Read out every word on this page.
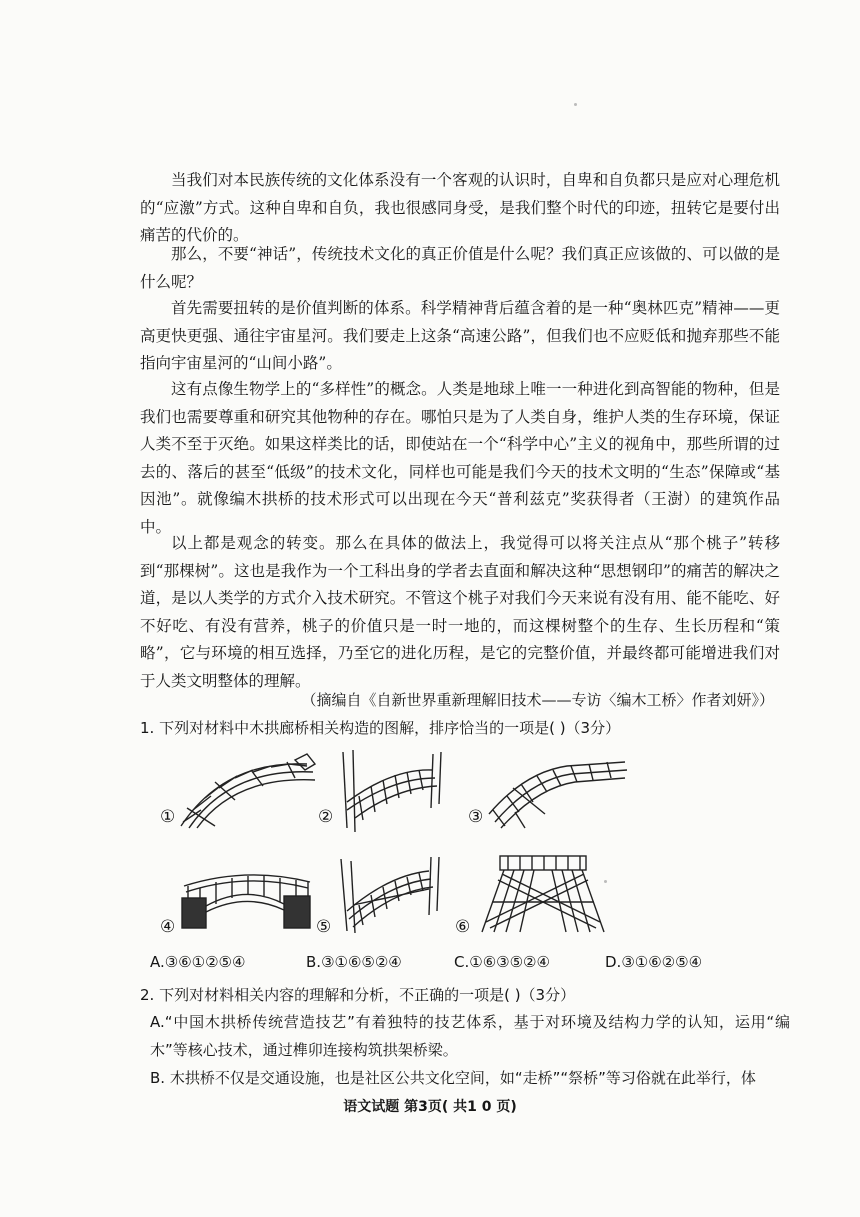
当我们对本民族传统的文化体系没有一个客观的认识时，自卑和自负都只是应对心理危机的“应激”方式。这种自卑和自负，我也很感同身受，是我们整个时代的印迹，扭转它是要付出痛苦的代价的。

那么，不要“神话”，传统技术文化的真正价值是什么呢？我们真正应该做的、可以做的是什么呢？

首先需要扭转的是价值判断的体系。科学精神背后蕴含着的是一种“奥林匹克”精神——更高更快更强、通往宇宙星河。我们要走上这条“高速公路”，但我们也不应贬低和抛弃那些不能指向宇宙星河的“山间小路”。

这有点像生物学上的“多样性”的概念。人类是地球上唯一一种进化到高智能的物种，但是我们也需要尊重和研究其他物种的存在。哪怕只是为了人类自身，维护人类的生存环境，保证人类不至于灭绝。如果这样类比的话，即使站在一个“科学中心”主义的视角中，那些所谓的过去的、落后的甚至“低级”的技术文化，同样也可能是我们今天的技术文明的“生态”保障或“基因池”。就像编木拱桥的技术形式可以出现在今天“普利兹克”奖获得者（王澍）的建筑作品中。

以上都是观念的转变。那么在具体的做法上，我觉得可以将关注点从“那个桃子”转移到“那棵树”。这也是我作为一个工科出身的学者去直面和解决这种“思想钢印”的痛苦的解决之道，是以人类学的方式介入技术研究。不管这个桃子对我们今天来说有没有用、能不能吃、好不好吃、有没有营养，桃子的价值只是一时一地的，而这棵树整个的生存、生长历程和“策略”，它与环境的相互选择，乃至它的进化历程，是它的完整价值，并最终都可能增进我们对于人类文明整体的理解。

（摘编自《自新世界重新理解旧技术——专访〈编木工桥〉作者刘妍》）

1. 下列对材料中木拱廊桥相关构造的图解，排序恰当的一项是( )（3分）

①	②	③
④	⑤	⑥
A.③⑥①②⑤④	B.③①⑥⑤②④	C.①⑥③⑤②④	D.③①⑥②⑤④

2. 下列对材料相关内容的理解和分析，不正确的一项是( )（3分）

A.“中国木拱桥传统营造技艺”有着独特的技艺体系，基于对环境及结构力学的认知，运用“编木”等核心技术，通过榫卯连接构筑拱架桥梁。

B. 木拱桥不仅是交通设施，也是社区公共文化空间，如“走桥”“祭桥”等习俗就在此举行，体

语文试题 第3页( 共1 0 页)
